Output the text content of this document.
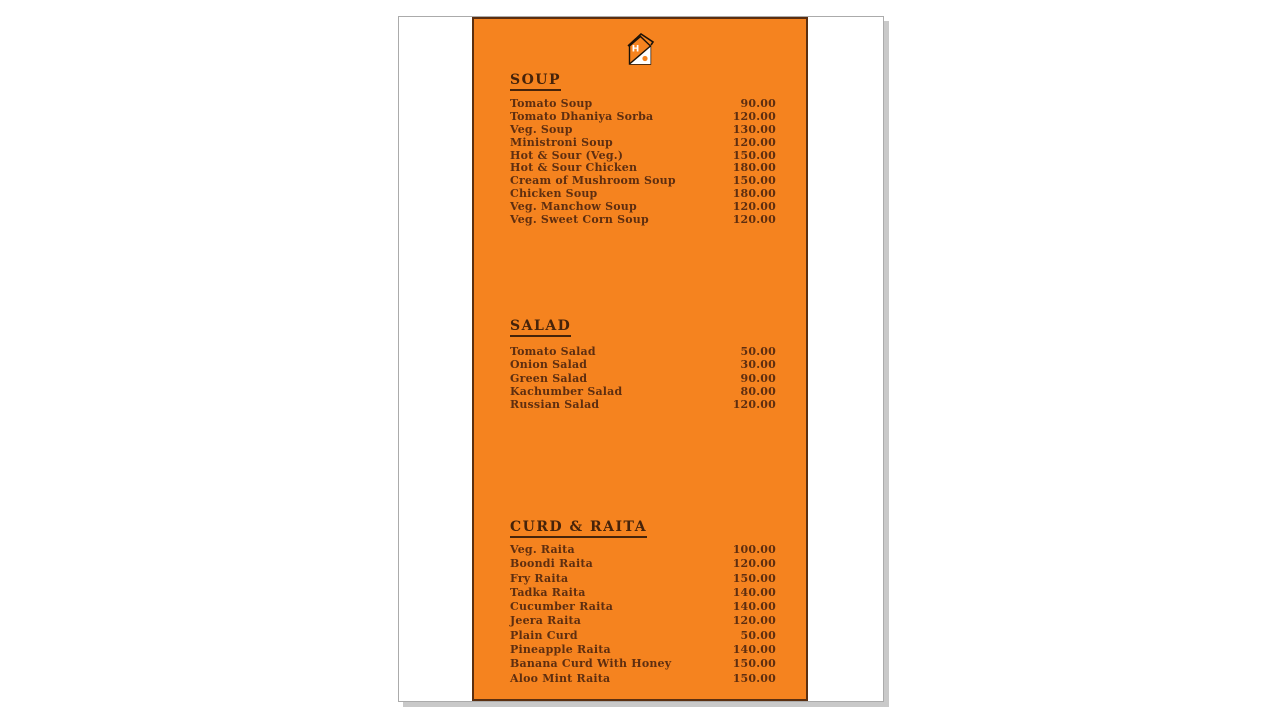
H
SOUP
Tomato Soup	90.00
Tomato Dhaniya Sorba	120.00
Veg. Soup	130.00
Ministroni Soup	120.00
Hot & Sour (Veg.)	150.00
Hot & Sour Chicken	180.00
Cream of Mushroom Soup	150.00
Chicken Soup	180.00
Veg. Manchow Soup	120.00
Veg. Sweet Corn Soup	120.00
SALAD
Tomato Salad	50.00
Onion Salad	30.00
Green Salad	90.00
Kachumber Salad	80.00
Russian Salad	120.00
CURD & RAITA
Veg. Raita	100.00
Boondi Raita	120.00
Fry Raita	150.00
Tadka Raita	140.00
Cucumber Raita	140.00
Jeera Raita	120.00
Plain Curd	50.00
Pineapple Raita	140.00
Banana Curd With Honey	150.00
Aloo Mint Raita	150.00
